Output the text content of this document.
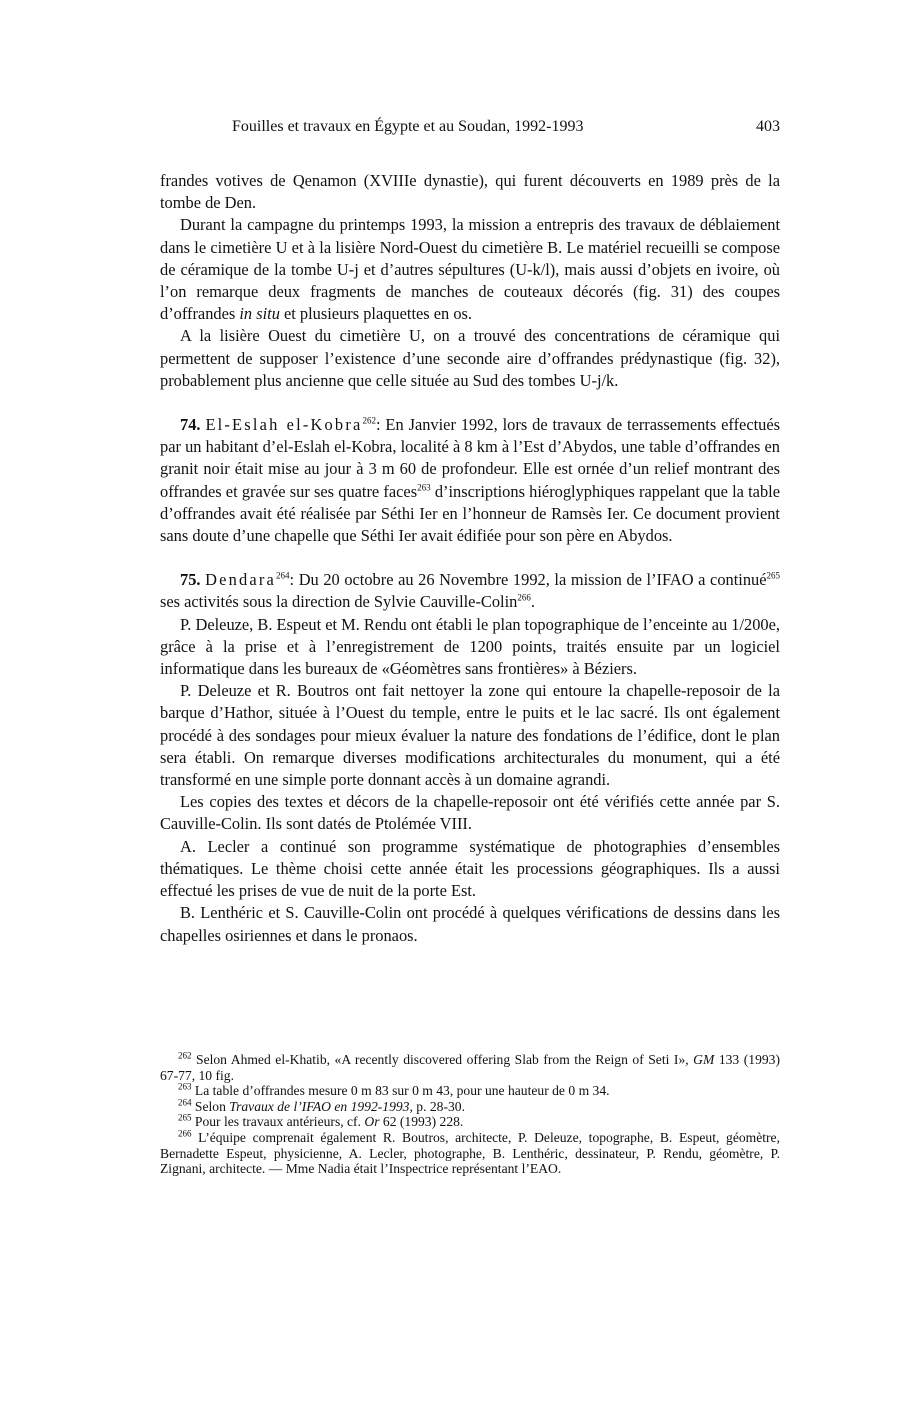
Fouilles et travaux en Égypte et au Soudan, 1992-1993	403

frandes votives de Qenamon (XVIIIe dynastie), qui furent découverts en 1989 près de la tombe de Den.

Durant la campagne du printemps 1993, la mission a entrepris des travaux de déblaiement dans le cimetière U et à la lisière Nord-Ouest du cimetière B. Le matériel recueilli se compose de céramique de la tombe U-j et d’autres sépultures (U-k/l), mais aussi d’objets en ivoire, où l’on remarque deux fragments de manches de couteaux décorés (fig. 31) des coupes d’offrandes in situ et plusieurs plaquettes en os.

A la lisière Ouest du cimetière U, on a trouvé des concentrations de céramique qui permettent de supposer l’existence d’une seconde aire d’offrandes prédynastique (fig. 32), probablement plus ancienne que celle située au Sud des tombes U-j/k.

74. El-Eslah el-Kobra$^{262}$: En Janvier 1992, lors de travaux de terrassements effectués par un habitant d’el-Eslah el-Kobra, localité à 8 km à l’Est d’Abydos, une table d’offrandes en granit noir était mise au jour à 3 m 60 de profondeur. Elle est ornée d’un relief montrant des offrandes et gravée sur ses quatre faces$^{263}$ d’inscriptions hiéroglyphiques rappelant que la table d’offrandes avait été réalisée par Séthi Ier en l’honneur de Ramsès Ier. Ce document provient sans doute d’une chapelle que Séthi Ier avait édifiée pour son père en Abydos.

75. Dendara$^{264}$: Du 20 octobre au 26 Novembre 1992, la mission de l’IFAO a continué$^{265}$ ses activités sous la direction de Sylvie Cauville-Colin$^{266}$.

P. Deleuze, B. Espeut et M. Rendu ont établi le plan topographique de l’enceinte au 1/200e, grâce à la prise et à l’enregistrement de 1200 points, traités ensuite par un logiciel informatique dans les bureaux de «Géomètres sans frontières» à Béziers.

P. Deleuze et R. Boutros ont fait nettoyer la zone qui entoure la chapelle-reposoir de la barque d’Hathor, située à l’Ouest du temple, entre le puits et le lac sacré. Ils ont également procédé à des sondages pour mieux évaluer la nature des fondations de l’édifice, dont le plan sera établi. On remarque diverses modifications architecturales du monument, qui a été transformé en une simple porte donnant accès à un domaine agrandi.

Les copies des textes et décors de la chapelle-reposoir ont été vérifiés cette année par S. Cauville-Colin. Ils sont datés de Ptolémée VIII.

A. Lecler a continué son programme systématique de photographies d’ensembles thématiques. Le thème choisi cette année était les processions géographiques. Ils a aussi effectué les prises de vue de nuit de la porte Est.

B. Lenthéric et S. Cauville-Colin ont procédé à quelques vérifications de dessins dans les chapelles osiriennes et dans le pronaos.

$^{262}$ Selon Ahmed el-Khatib, «A recently discovered offering Slab from the Reign of Seti I», GM 133 (1993) 67-77, 10 fig.

$^{263}$ La table d’offrandes mesure 0 m 83 sur 0 m 43, pour une hauteur de 0 m 34.

$^{264}$ Selon Travaux de l’IFAO en 1992-1993, p. 28-30.

$^{265}$ Pour les travaux antérieurs, cf. Or 62 (1993) 228.

$^{266}$ L’équipe comprenait également R. Boutros, architecte, P. Deleuze, topographe, B. Espeut, géomètre, Bernadette Espeut, physicienne, A. Lecler, photographe, B. Lenthéric, dessinateur, P. Rendu, géomètre, P. Zignani, architecte. — Mme Nadia était l’Inspectrice représentant l’EAO.
